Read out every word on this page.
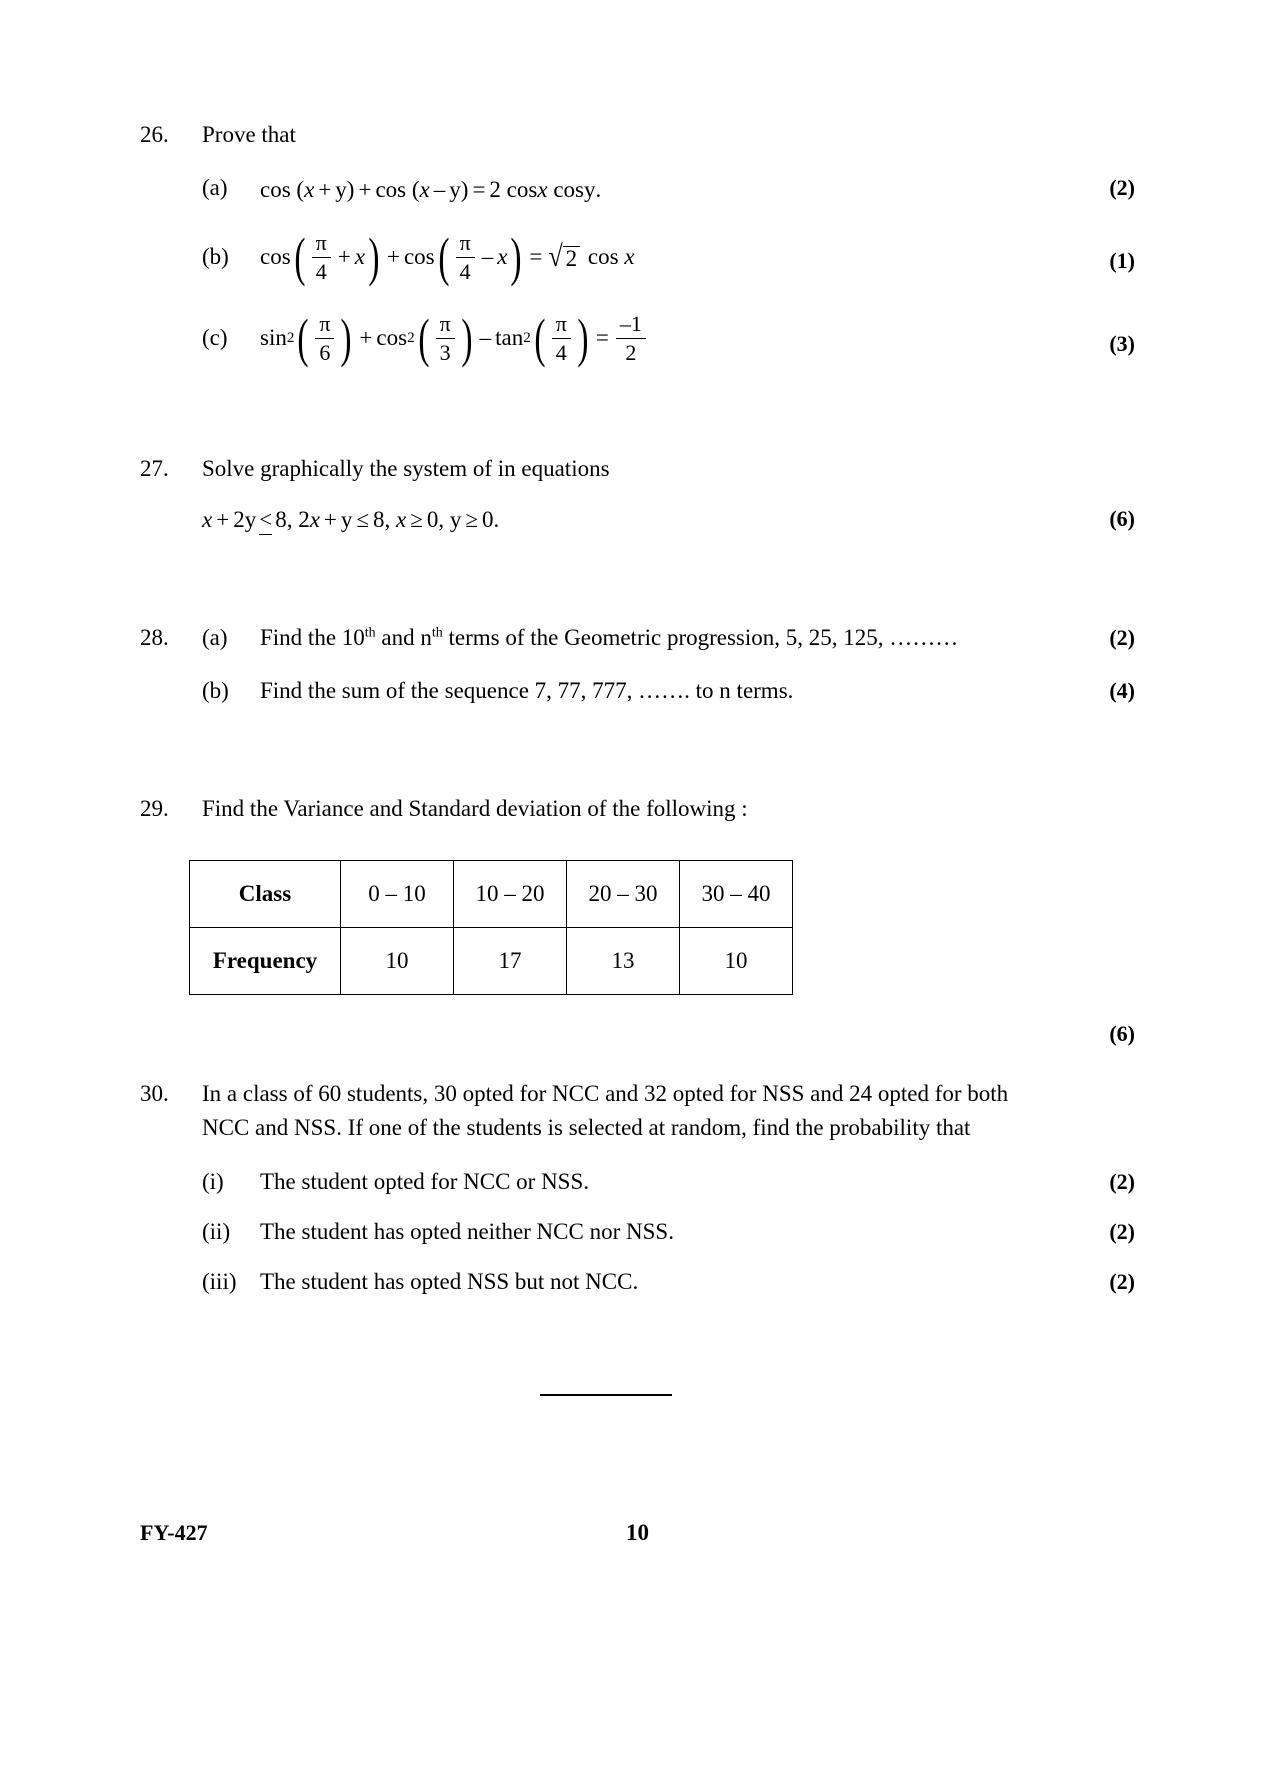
26. Prove that
(a) cos
( x + y ) + cos
( x – y ) = 2
cos x
cos y .	(2)
(b) cos ( $\frac{\pi}{4} + x$ ) + cos ( $\frac{\pi}{4}$ – x ) = √ 2
cos
x	(1)
(c) sin 2 ( $\frac{\pi}{6}$ ) + cos 2 ( $\frac{\pi}{3}$ ) – tan 2 ( $\frac{\pi}{4}$ ) = $\frac{-1}{2}$	(3)
27. Solve graphically the system of in equations
x + 2y < 8,
2 x + y ≤ 8,
x ≥ 0,
y ≥ 0.	(6)
28. (a) Find the 10th and $n^{th}$ terms of the Geometric progression, 5, 25, 125, ………	(2)
(b) Find the sum of the sequence 7, 77, 777, ……. to n terms.	(4)
29. Find the Variance and Standard deviation of the following :
Class	0 – 10	10 – 20	20 – 30	30 – 40
Frequency	10	17	13	10
(6)
30. In a class of 60 students, 30 opted for NCC and 32 opted for NSS and 24 opted for both
NCC and NSS. If one of the students is selected at random, find the probability that
(i) The student opted for NCC or NSS.	(2)
(ii) The student has opted neither NCC nor NSS.	(2)
(iii) The student has opted NSS but not NCC.	(2)
FY-427	10
